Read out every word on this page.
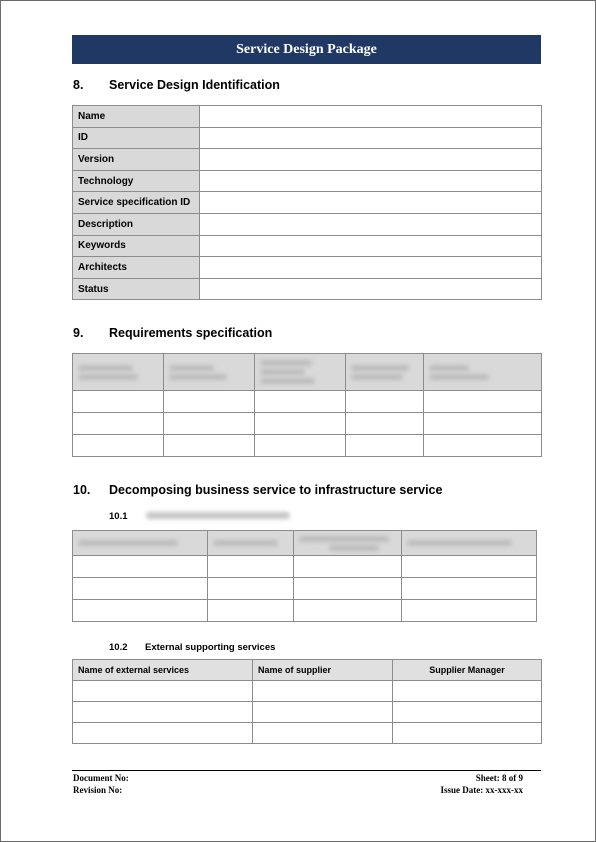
Service Design Package
8. Service Design Identification
Name	
ID	
Version	
Technology	
Service specification ID	
Description	
Keywords	
Architects	
Status	
9. Requirements specification

10. Decomposing business service to infrastructure service
10.1

10.2 External supporting services
Name of external services	Name of supplier	Supplier Manager

Document No:
Revision No:
Sheet: 8 of 9
Issue Date: xx-xxx-xx
